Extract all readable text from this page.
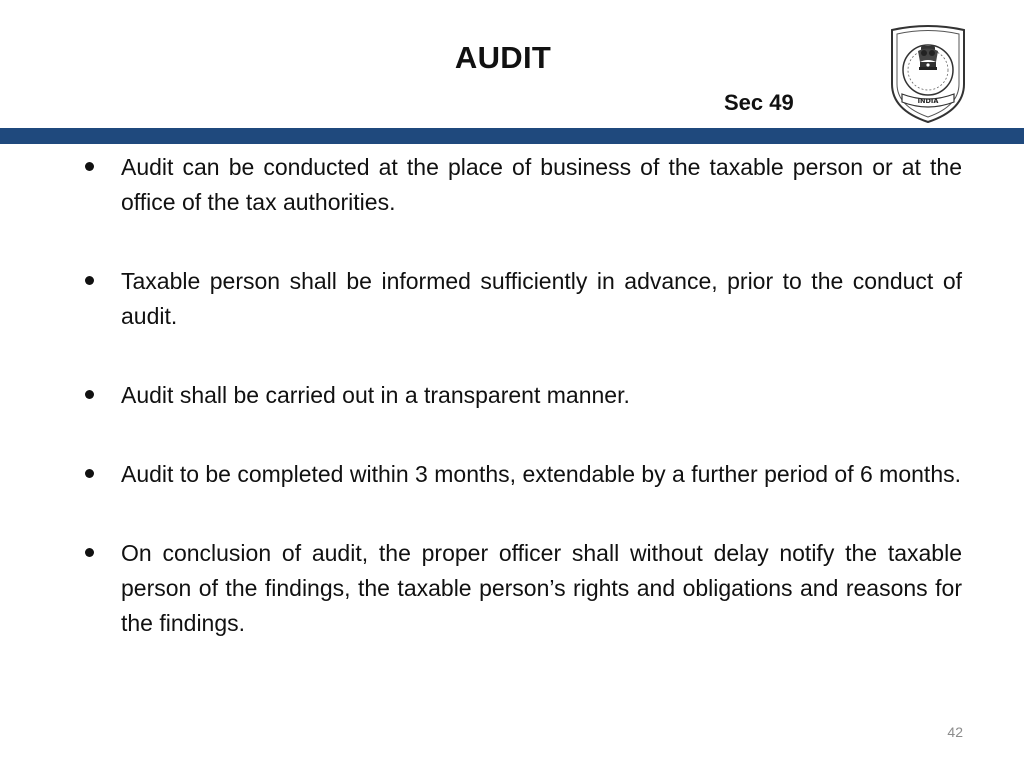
AUDIT
Sec 49	INDIA
Audit can be conducted at the place of business of the taxable person or at the office of the tax authorities.
Taxable person shall be informed sufficiently in advance, prior to the conduct of audit.
Audit shall be carried out in a transparent manner.
Audit to be completed within 3 months, extendable by a further period of 6 months.
On conclusion of audit, the proper officer shall without delay notify the taxable person of the findings, the taxable person’s rights and obligations and reasons for the findings.
42
